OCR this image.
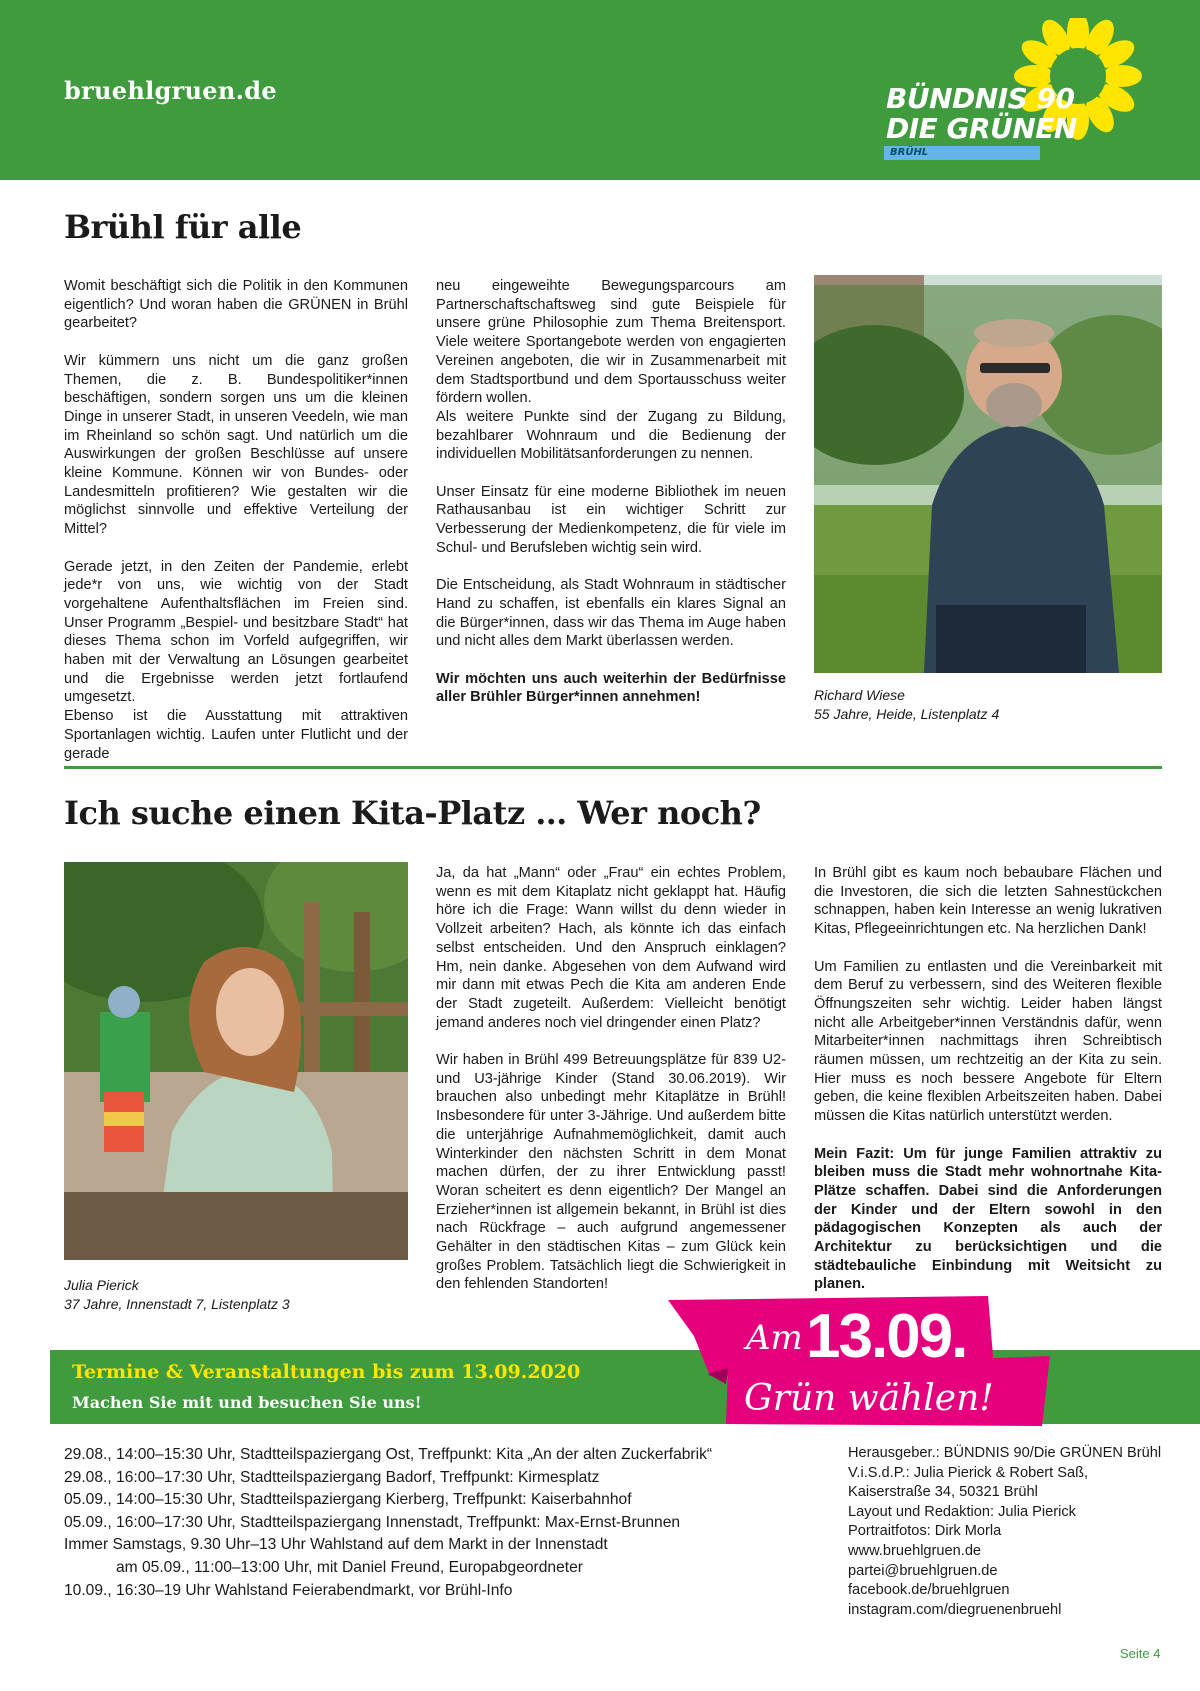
bruehlgruen.de	BÜNDNIS 90
DIE GRÜNEN
BRÜHL
Brühl für alle

Womit beschäftigt sich die Politik in den Kommunen eigentlich? Und woran haben die GRÜNEN in Brühl gearbeitet?

Wir kümmern uns nicht um die ganz großen Themen, die z. B. Bundespolitiker*innen beschäftigen, sondern sorgen uns um die kleinen Dinge in unserer Stadt, in unseren Veedeln, wie man im Rheinland so schön sagt. Und natürlich um die Auswirkungen der großen Beschlüsse auf unsere kleine Kommune. Können wir von Bundes- oder Landesmitteln profitieren? Wie gestalten wir die möglichst sinnvolle und effektive Verteilung der Mittel?

Gerade jetzt, in den Zeiten der Pandemie, erlebt jede*r von uns, wie wichtig von der Stadt vorgehaltene Aufenthaltsflächen im Freien sind. Unser Programm „Bespiel- und besitzbare Stadt“ hat dieses Thema schon im Vorfeld aufgegriffen, wir haben mit der Verwaltung an Lösungen gearbeitet und die Ergebnisse werden jetzt fortlaufend umgesetzt.

Ebenso ist die Ausstattung mit attraktiven Sportanlagen wichtig. Laufen unter Flutlicht und der gerade

neu eingeweihte Bewegungsparcours am Partnerschaftschaftsweg sind gute Beispiele für unsere grüne Philosophie zum Thema Breitensport. Viele weitere Sportangebote werden von engagierten Vereinen angeboten, die wir in Zusammenarbeit mit dem Stadtsportbund und dem Sportausschuss weiter fördern wollen.

Als weitere Punkte sind der Zugang zu Bildung, bezahlbarer Wohnraum und die Bedienung der individuellen Mobilitätsanforderungen zu nennen.

Unser Einsatz für eine moderne Bibliothek im neuen Rathausanbau ist ein wichtiger Schritt zur Verbesserung der Medienkompetenz, die für viele im Schul- und Berufsleben wichtig sein wird.

Die Entscheidung, als Stadt Wohnraum in städtischer Hand zu schaffen, ist ebenfalls ein klares Signal an die Bürger*innen, dass wir das Thema im Auge haben und nicht alles dem Markt überlassen werden.

Wir möchten uns auch weiterhin der Bedürfnisse aller Brühler Bürger*innen annehmen!	Richard Wiese
55 Jahre, Heide, Listenplatz 4
Ich suche einen Kita-Platz … Wer noch?
Julia Pierick
37 Jahre, Innenstadt 7, Listenplatz 3

Ja, da hat „Mann“ oder „Frau“ ein echtes Problem, wenn es mit dem Kitaplatz nicht geklappt hat. Häufig höre ich die Frage: Wann willst du denn wieder in Vollzeit arbeiten? Hach, als könnte ich das einfach selbst entscheiden. Und den Anspruch einklagen? Hm, nein danke. Abgesehen von dem Aufwand wird mir dann mit etwas Pech die Kita am anderen Ende der Stadt zugeteilt. Außerdem: Vielleicht benötigt jemand anderes noch viel dringender einen Platz?

Wir haben in Brühl 499 Betreuungsplätze für 839 U2- und U3-jährige Kinder (Stand 30.06.2019). Wir brauchen also unbedingt mehr Kitaplätze in Brühl! Insbesondere für unter 3-Jährige. Und außerdem bitte die unterjährige Aufnahmemöglichkeit, damit auch Winterkinder den nächsten Schritt in dem Monat machen dürfen, der zu ihrer Entwicklung passt! Woran scheitert es denn eigentlich? Der Mangel an Erzieher*innen ist allgemein bekannt, in Brühl ist dies nach Rückfrage – auch aufgrund angemessener Gehälter in den städtischen Kitas – zum Glück kein großes Problem. Tatsächlich liegt die Schwierigkeit in den fehlenden Standorten!

In Brühl gibt es kaum noch bebaubare Flächen und die Investoren, die sich die letzten Sahnestückchen schnappen, haben kein Interesse an wenig lukrativen Kitas, Pflegeeinrichtungen etc. Na herzlichen Dank!

Um Familien zu entlasten und die Vereinbarkeit mit dem Beruf zu verbessern, sind des Weiteren flexible Öffnungszeiten sehr wichtig. Leider haben längst nicht alle Arbeitgeber*innen Verständnis dafür, wenn Mitarbeiter*innen nachmittags ihren Schreibtisch räumen müssen, um rechtzeitig an der Kita zu sein. Hier muss es noch bessere Angebote für Eltern geben, die keine flexiblen Arbeitszeiten haben. Dabei müssen die Kitas natürlich unterstützt werden.

Mein Fazit: Um für junge Familien attraktiv zu bleiben muss die Stadt mehr wohnortnahe Kita-Plätze schaffen. Dabei sind die Anforderungen der Kinder und der Eltern sowohl in den pädagogischen Konzepten als auch der Architektur zu berücksichtigen und die städtebauliche Einbindung mit Weitsicht zu planen.

Termine & Veranstaltungen bis zum 13.09.2020
Machen Sie mit und besuchen Sie uns!
Am 13.09.
Grün wählen!
29.08., 14:00–15:30 Uhr, Stadtteilspaziergang Ost, Treffpunkt: Kita „An der alten Zuckerfabrik“
29.08., 16:00–17:30 Uhr, Stadtteilspaziergang Badorf, Treffpunkt: Kirmesplatz
05.09., 14:00–15:30 Uhr, Stadtteilspaziergang Kierberg, Treffpunkt: Kaiserbahnhof
05.09., 16:00–17:30 Uhr, Stadtteilspaziergang Innenstadt, Treffpunkt: Max-Ernst-Brunnen
Immer Samstags, 9.30 Uhr–13 Uhr Wahlstand auf dem Markt in der Innenstadt
am 05.09., 11:00–13:00 Uhr, mit Daniel Freund, Europabgeordneter
10.09., 16:30–19 Uhr Wahlstand Feierabendmarkt, vor Brühl-Info
Herausgeber.: BÜNDNIS 90/Die GRÜNEN Brühl
V.i.S.d.P.: Julia Pierick & Robert Saß,
Kaiserstraße 34, 50321 Brühl
Layout und Redaktion: Julia Pierick
Portraitfotos: Dirk Morla
www.bruehlgruen.de
partei@bruehlgruen.de
facebook.de/bruehlgruen
instagram.com/diegruenenbruehl
Seite 4
